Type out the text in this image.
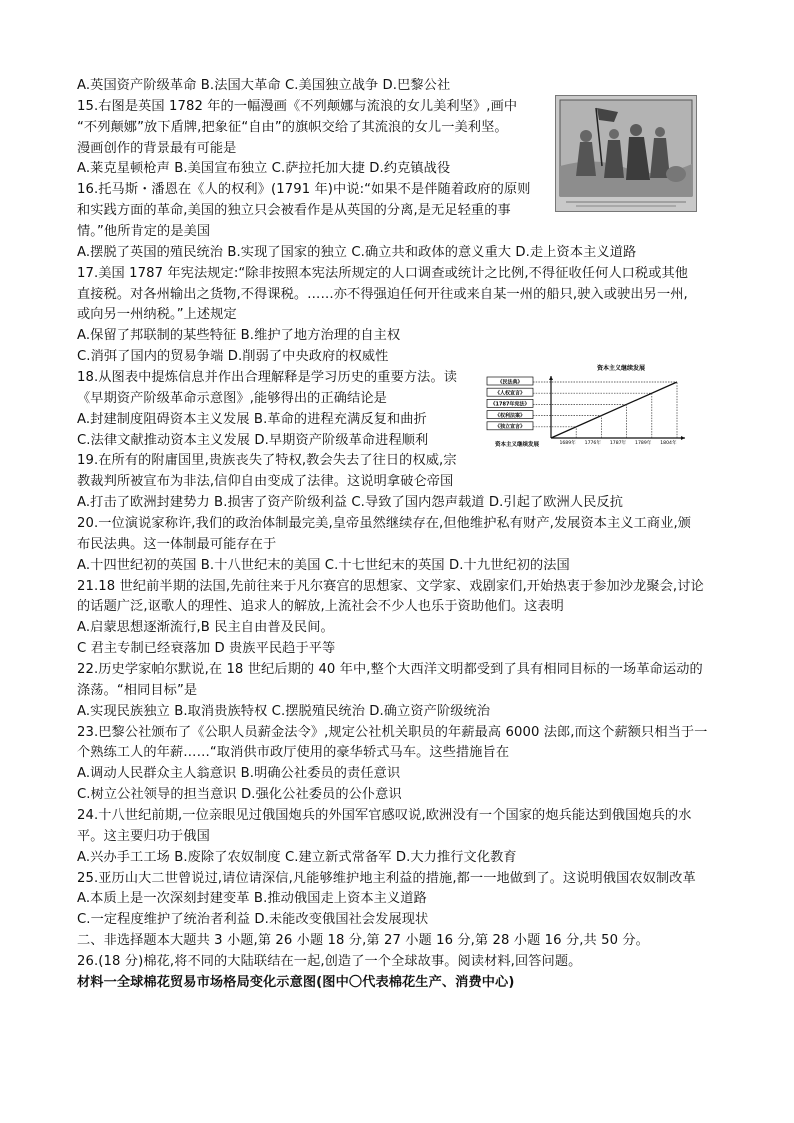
A.英国资产阶级革命 B.法国大革命 C.美国独立战争 D.巴黎公社
15.右图是英国 1782 年的一幅漫画《不列颠娜与流浪的女儿美利坚》,画中
“不列颠娜”放下盾牌,把象征“自由”的旗帜交给了其流浪的女儿一美利坚。
漫画创作的背景最有可能是
A.莱克星顿枪声 B.美国宣布独立 C.萨拉托加大捷 D.约克镇战役
16.托马斯・潘恩在《人的权利》(1791 年)中说:“如果不是伴随着政府的原则
和实践方面的革命,美国的独立只会被看作是从英国的分离,是无足轻重的事
情。”他所肯定的是美国
A.摆脱了英国的殖民统治 B.实现了国家的独立 C.确立共和政体的意义重大 D.走上资本主义道路
17.美国 1787 年宪法规定:“除非按照本宪法所规定的人口调查或统计之比例,不得征收任何人口税或其他
直接税。对各州输出之货物,不得课税。……亦不得强迫任何开往或来自某一州的船只,驶入或驶出另一州,
或向另一州纳税。”上述规定
A.保留了邦联制的某些特征 B.维护了地方治理的自主权
C.消弭了国内的贸易争端 D.削弱了中央政府的权威性
18.从图表中提炼信息并作出合理解释是学习历史的重要方法。读
《早期资产阶级革命示意图》,能够得出的正确结论是
A.封建制度阻碍资本主义发展 B.革命的进程充满反复和曲折
C.法律文献推动资本主义发展 D.早期资产阶级革命进程顺利
19.在所有的附庸国里,贵族丧失了特权,教会失去了往日的权威,宗
教裁判所被宣布为非法,信仰自由变成了法律。这说明拿破仑帝国
A.打击了欧洲封建势力 B.损害了资产阶级利益 C.导致了国内怨声载道 D.引起了欧洲人民反抗
20.一位演说家称许,我们的政治体制最完美,皇帝虽然继续存在,但他维护私有财产,发展资本主义工商业,颁
布民法典。这一体制最可能存在于
A.十四世纪初的英国 B.十八世纪末的美国 C.十七世纪末的英国 D.十九世纪初的法国
21.18 世纪前半期的法国,先前往来于凡尔赛宫的思想家、文学家、戏剧家们,开始热衷于参加沙龙聚会,讨论
的话题广泛,讴歌人的理性、追求人的解放,上流社会不少人也乐于资助他们。这表明
A.启蒙思想逐渐流行,B 民主自由普及民间。
C 君主专制已经衰落加 D 贵族平民趋于平等
22.历史学家帕尔默说,在 18 世纪后期的 40 年中,整个大西洋文明都受到了具有相同目标的一场革命运动的
涤荡。“相同目标”是
A.实现民族独立 B.取消贵族特权 C.摆脱殖民统治 D.确立资产阶级统治
23.巴黎公社颁布了《公职人员薪金法令》,规定公社机关职员的年薪最高 6000 法郎,而这个薪额只相当于一
个熟练工人的年薪……“取消供市政厅使用的豪华轿式马车。这些措施旨在
A.调动人民群众主人翁意识 B.明确公社委员的责任意识
C.树立公社领导的担当意识 D.强化公社委员的公仆意识
24.十八世纪前期,一位亲眼见过俄国炮兵的外国军官感叹说,欧洲没有一个国家的炮兵能达到俄国炮兵的水
平。这主要归功于俄国
A.兴办手工工场 B.废除了农奴制度 C.建立新式常备军 D.大力推行文化教育
25.亚历山大二世曾说过,请位请深信,凡能够维护地主利益的措施,都一一地做到了。这说明俄国农奴制改革
A.本质上是一次深刻封建变革 B.推动俄国走上资本主义道路
C.一定程度维护了统治者利益 D.未能改变俄国社会发展现状
二、非选择题本大题共 3 小题,第 26 小题 18 分,第 27 小题 16 分,第 28 小题 16 分,共 50 分。
26.(18 分)棉花,将不同的大陆联结在一起,创造了一个全球故事。阅读材料,回答问题。
材料一全球棉花贸易市场格局变化示意图(图中〇代表棉花生产、消费中心)
资本主义继续发展
1689年 1776年 1787年 1789年 1804年
《民法典》
《人权宣言》
《1787年宪法》
《权利法案》
《独立宣言》
资本主义继续发展
